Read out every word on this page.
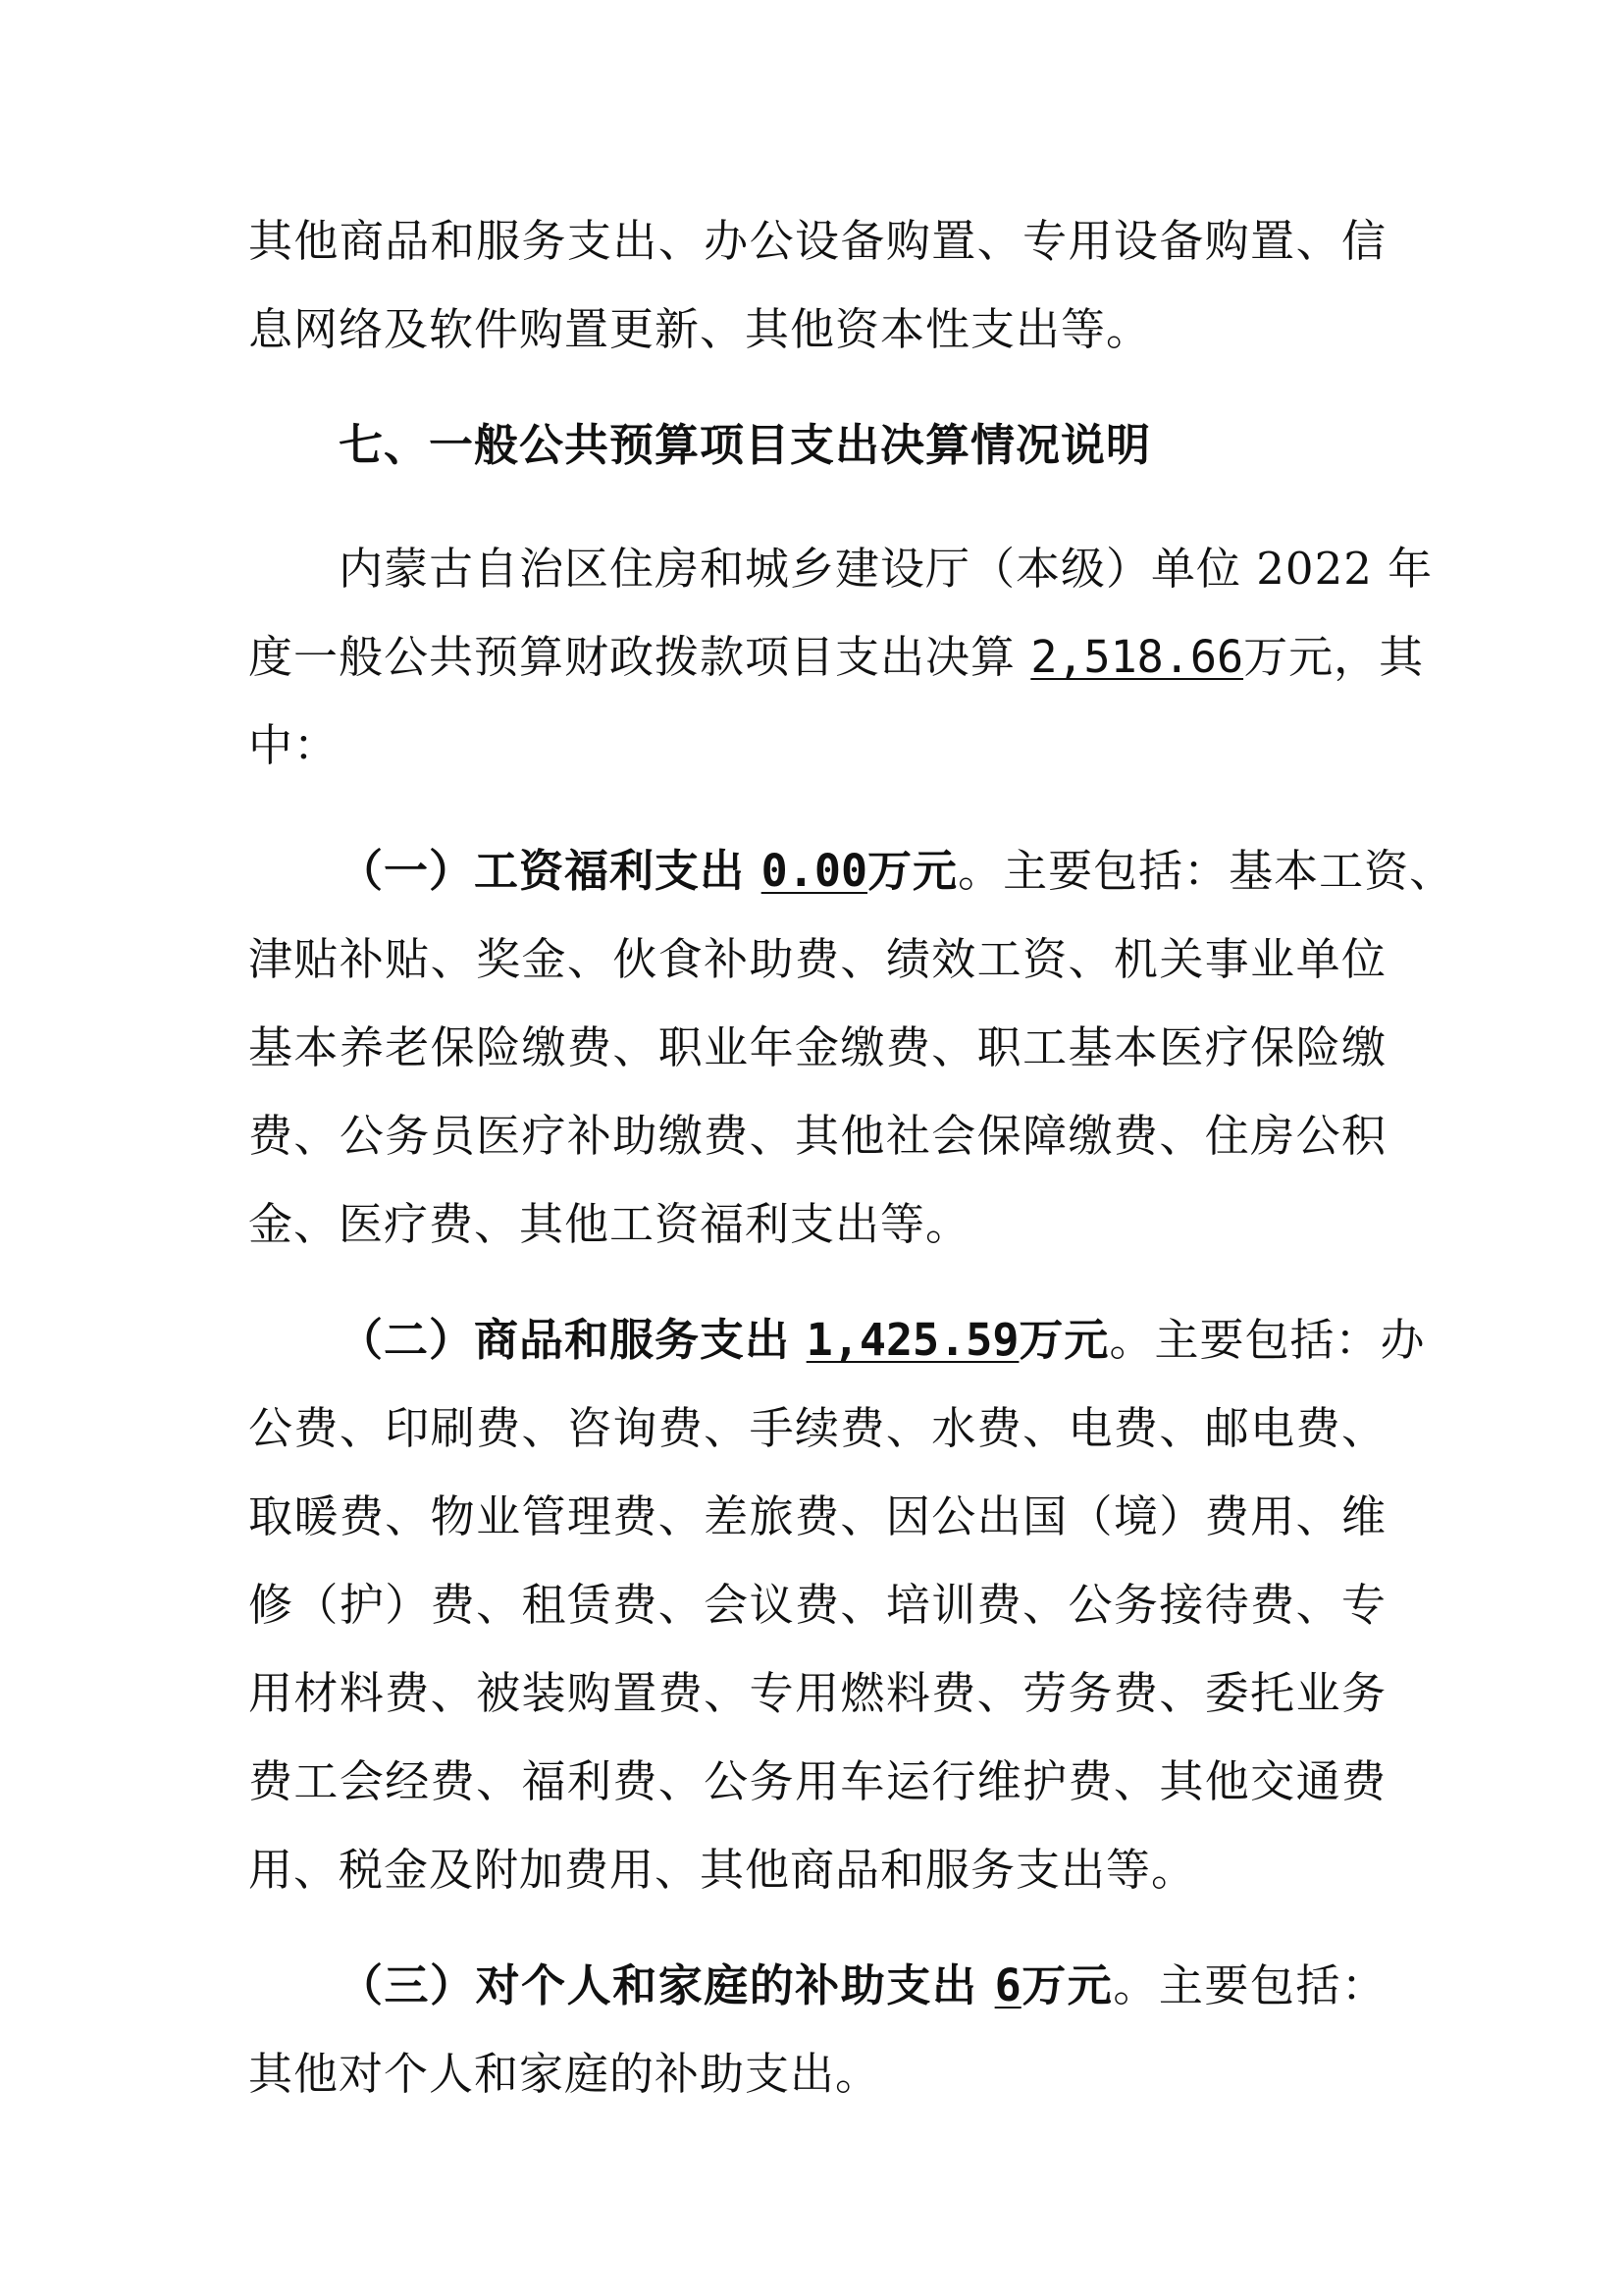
其他商品和服务支出、办公设备购置、专用设备购置、信
息网络及软件购置更新、其他资本性支出等。
七、一般公共预算项目支出决算情况说明
内蒙古自治区住房和城乡建设厅（本级）单位 2022 年
度一般公共预算财政拨款项目支出决算 2,518.66万元，其
中：
（一）工资福利支出 0.00万元。主要包括：基本工资、
津贴补贴、奖金、伙食补助费、绩效工资、机关事业单位
基本养老保险缴费、职业年金缴费、职工基本医疗保险缴
费、公务员医疗补助缴费、其他社会保障缴费、住房公积
金、医疗费、其他工资福利支出等。
（二）商品和服务支出 1,425.59万元。主要包括：办
公费、印刷费、咨询费、手续费、水费、电费、邮电费、
取暖费、物业管理费、差旅费、因公出国（境）费用、维
修（护）费、租赁费、会议费、培训费、公务接待费、专
用材料费、被装购置费、专用燃料费、劳务费、委托业务
费工会经费、福利费、公务用车运行维护费、其他交通费
用、税金及附加费用、其他商品和服务支出等。
（三）对个人和家庭的补助支出 6万元。主要包括：
其他对个人和家庭的补助支出。
